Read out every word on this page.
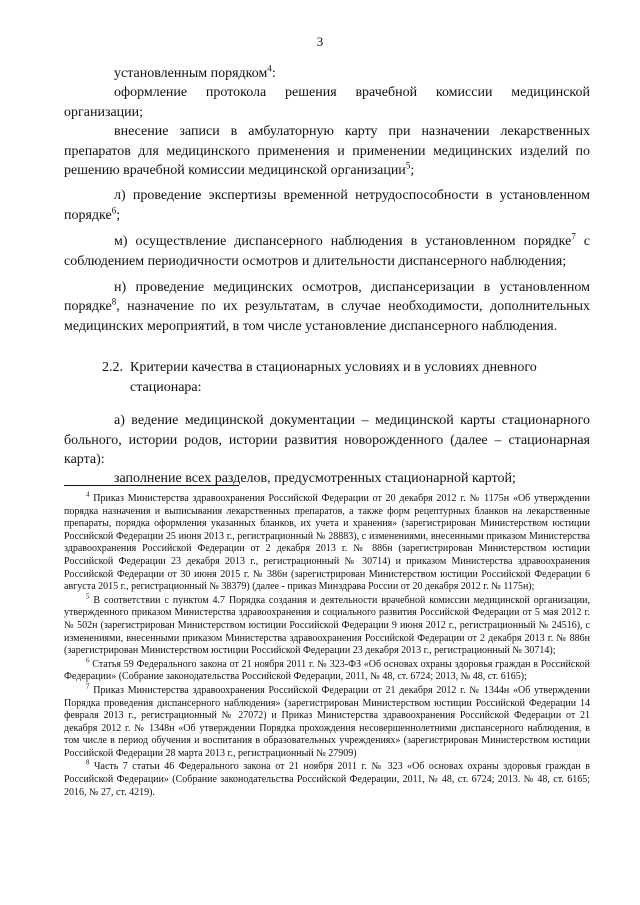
3

установленным порядком$^4$:

оформление протокола решения врачебной комиссии медицинской организации;

внесение записи в амбулаторную карту при назначении лекарственных препаратов для медицинского применения и применении медицинских изделий по решению врачебной комиссии медицинской организации$^5$;

л) проведение экспертизы временной нетрудоспособности в установленном порядке$^6$;

м) осуществление диспансерного наблюдения в установленном порядке$^7$ с соблюдением периодичности осмотров и длительности диспансерного наблюдения;

н) проведение медицинских осмотров, диспансеризации в установленном порядке$^8$, назначение по их результатам, в случае необходимости, дополнительных медицинских мероприятий, в том числе установление диспансерного наблюдения.

2.2. Критерии качества в стационарных условиях и в условиях дневного

стационара:

а) ведение медицинской документации – медицинской карты стационарного больного, истории родов, истории развития новорожденного (далее – стационарная карта):

заполнение всех разделов, предусмотренных стационарной картой;

$^4$ Приказ Министерства здравоохранения Российской Федерации от 20 декабря 2012 г. № 1175н «Об утверждении порядка назначения и выписывания лекарственных препаратов, а также форм рецептурных бланков на лекарственные препараты, порядка оформления указанных бланков, их учета и хранения» (зарегистрирован Министерством юстиции Российской Федерации 25 июня 2013 г., регистрационный № 28883), с изменениями, внесенными приказом Министерства здравоохранения Российской Федерации от 2 декабря 2013 г. № 886н (зарегистрирован Министерством юстиции Российской Федерации 23 декабря 2013 г., регистрационный № 30714) и приказом Министерства здравоохранения Российской Федерации от 30 июня 2015 г. № 386н (зарегистрирован Министерством юстиции Российской Федерации 6 августа 2015 г., регистрационный № 38379) (далее - приказ Минздрава России от 20 декабря 2012 г. № 1175н);

$^5$ В соответствии с пунктом 4.7 Порядка создания и деятельности врачебной комиссии медицинской организации, утвержденного приказом Министерства здравоохранения и социального развития Российской Федерации от 5 мая 2012 г. № 502н (зарегистрирован Министерством юстиции Российской Федерации 9 июня 2012 г., регистрационный № 24516), с изменениями, внесенными приказом Министерства здравоохранения Российской Федерации от 2 декабря 2013 г. № 886н (зарегистрирован Министерством юстиции Российской Федерации 23 декабря 2013 г., регистрационный № 30714);

$^6$ Статья 59 Федерального закона от 21 ноября 2011 г. № 323-ФЗ «Об основах охраны здоровья граждан в Российской Федерации» (Собрание законодательства Российской Федерации, 2011, № 48, ст. 6724; 2013, № 48, ст. 6165);

$^7$ Приказ Министерства здравоохранения Российской Федерации от 21 декабря 2012 г. № 1344н «Об утверждении Порядка проведения диспансерного наблюдения» (зарегистрирован Министерством юстиции Российской Федерации 14 февраля 2013 г., регистрационный № 27072) и Приказ Министерства здравоохранения Российской Федерации от 21 декабря 2012 г. № 1348н «Об утверждении Порядка прохождения несовершеннолетними диспансерного наблюдения, в том числе в период обучения и воспитания в образовательных учреждениях» (зарегистрирован Министерством юстиции Российской Федерации 28 марта 2013 г., регистрационный № 27909)

$^8$ Часть 7 статьи 46 Федерального закона от 21 ноября 2011 г. № 323 «Об основах охраны здоровья граждан в Российской Федерации» (Собрание законодательства Российской Федерации, 2011, № 48, ст. 6724; 2013. № 48, ст. 6165; 2016, № 27, ст. 4219).
